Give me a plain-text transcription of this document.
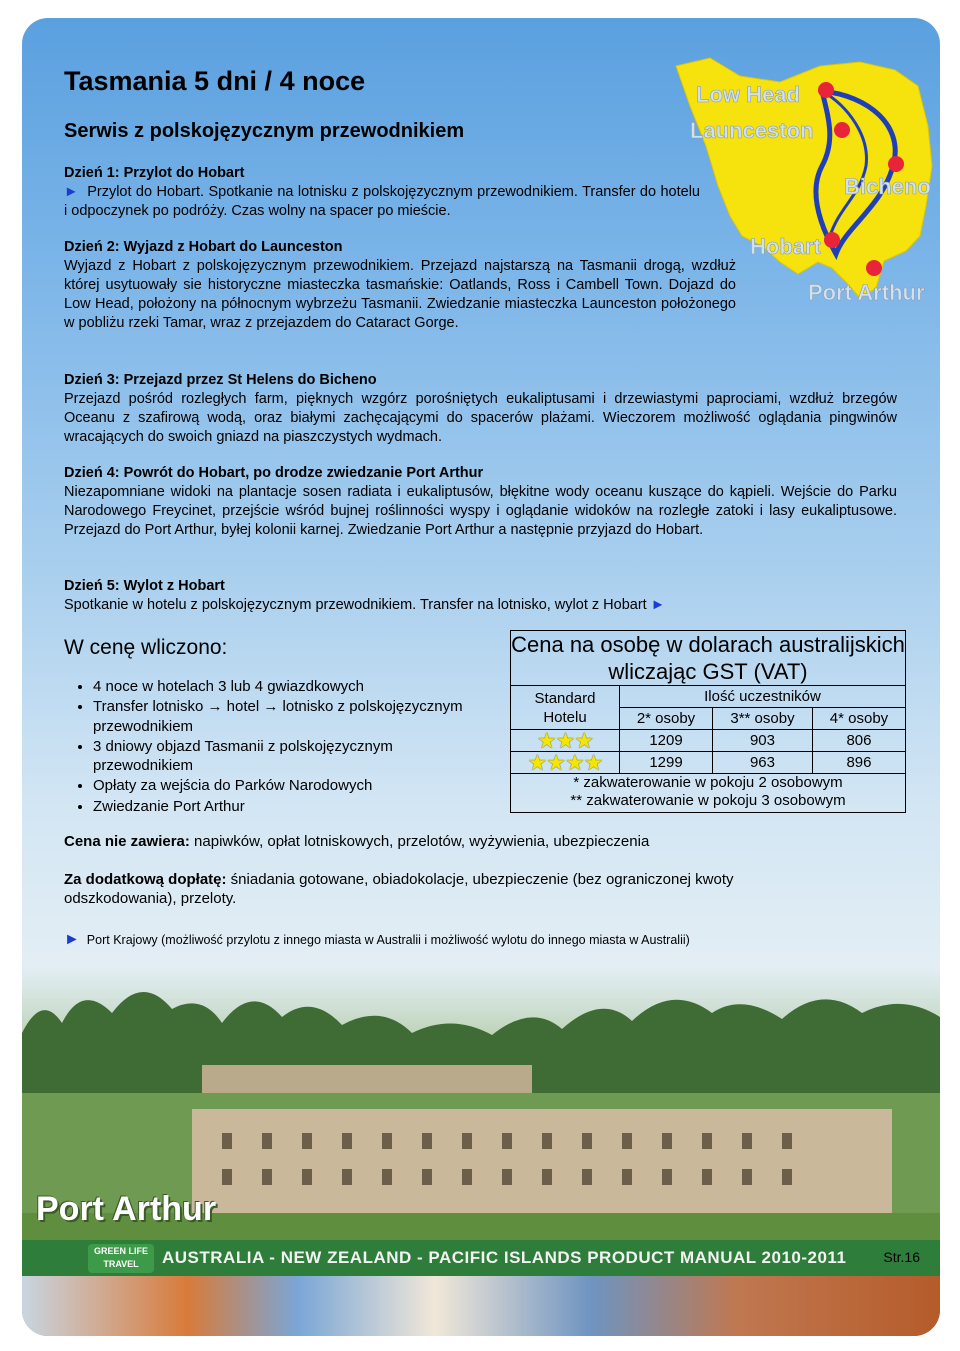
Low Head
Launceston
Bicheno
Hobart
Port Arthur
Port Arthur
GREEN LIFE TRAVEL	AUSTRALIA - NEW ZEALAND - PACIFIC ISLANDS PRODUCT MANUAL 2010-2011	Str.16
Tasmania 5 dni / 4 noce
Serwis z polskojęzycznym przewodnikiem
Dzień 1: Przylot do Hobart
► Przylot do Hobart. Spotkanie na lotnisku z polskojęzycznym przewodnikiem. Transfer do hotelu i odpoczynek po podróży. Czas wolny na spacer po mieście.
Dzień 2: Wyjazd z Hobart do Launceston
Wyjazd z Hobart z polskojęzycznym przewodnikiem. Przejazd najstarszą na Tasmanii drogą, wzdłuż której usytuowały sie historyczne miasteczka tasmańskie: Oatlands, Ross i Cambell Town. Dojazd do Low Head, położony na północnym wybrzeżu Tasmanii. Zwiedzanie miasteczka Launceston położonego w pobliżu rzeki Tamar, wraz z przejazdem do Cataract Gorge.
Dzień 3: Przejazd przez St Helens do Bicheno
Przejazd pośród rozległych farm, pięknych wzgórz porośniętych eukaliptusami i drzewiastymi paprociami, wzdłuż brzegów Oceanu z szafirową wodą, oraz białymi zachęcającymi do spacerów plażami. Wieczorem możliwość oglądania pingwinów wracających do swoich gniazd na piaszczystych wydmach.
Dzień 4: Powrót do Hobart, po drodze zwiedzanie Port Arthur
Niezapomniane widoki na plantacje sosen radiata i eukaliptusów, błękitne wody oceanu kuszące do kąpieli. Wejście do Parku Narodowego Freycinet, przejście wśród bujnej roślinności wyspy i oglądanie widoków na rozległe zatoki i lasy eukaliptusowe. Przejazd do Port Arthur, byłej kolonii karnej. Zwiedzanie Port Arthur a następnie przyjazd do Hobart.
Dzień 5: Wylot z Hobart
Spotkanie w hotelu z polskojęzycznym przewodnikiem. Transfer na lotnisko, wylot z Hobart ►
W cenę wliczono:
• 4 noce w hotelach 3 lub 4 gwiazdkowych
• Transfer lotnisko → hotel → lotnisko z polskojęzycznym przewodnikiem
• 3 dniowy objazd Tasmanii z polskojęzycznym przewodnikiem
• Opłaty za wejścia do Parków Narodowych
• Zwiedzanie Port Arthur
Cena na osobę w dolarach australijskich wliczając GST (VAT)			
Standard Hotelu	Ilość uczestników		
	2* osoby	3** osoby	4* osoby
★★★	1209	903	806
★★★★	1299	963	896

* zakwaterowanie w pokoju 2 osobowym
** zakwaterowanie w pokoju 3 osobowym			
Cena nie zawiera: napiwków, opłat lotniskowych, przelotów, wyżywienia, ubezpieczenia
Za dodatkową dopłatę: śniadania gotowane, obiadokolacje, ubezpieczenie (bez ograniczonej kwoty odszkodowania), przeloty.
► Port Krajowy (możliwość przylotu z innego miasta w Australii i możliwość wylotu do innego miasta w Australii)
